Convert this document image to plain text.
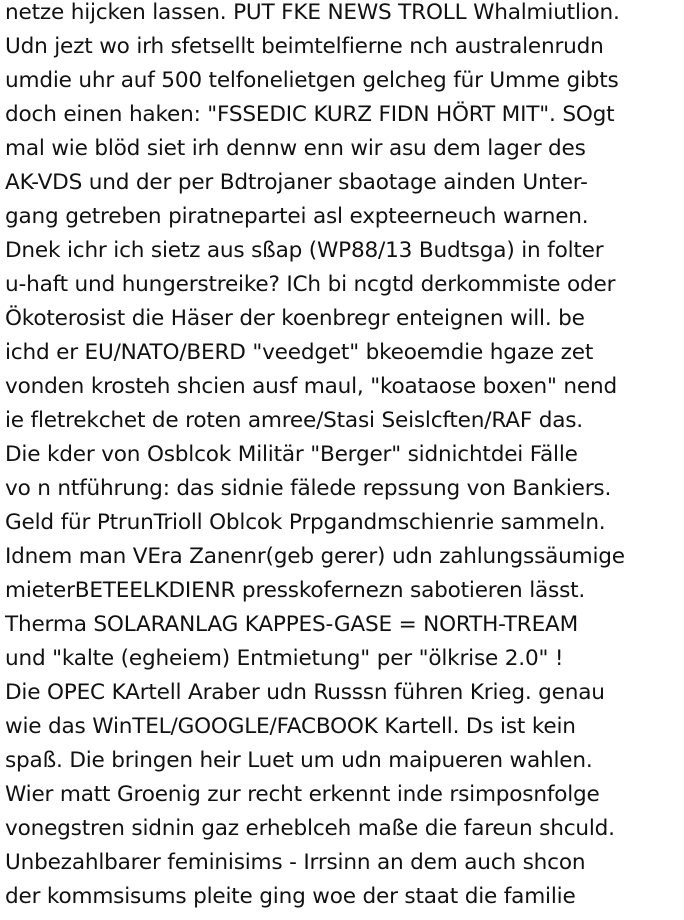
netze hijcken lassen. PUT FKE NEWS TROLL Whalmiutlion.
Udn jezt wo irh sfetsellt beimtelfierne nch australenrudn
umdie uhr auf 500 telfonelietgen gelcheg für Umme gibts
doch einen haken: "FSSEDIC KURZ FIDN HÖRT MIT". SOgt
mal wie blöd siet irh dennw enn wir asu dem lager des
AK-VDS und der per Bdtrojaner sbaotage ainden Unter-
gang getreben piratnepartei asl expteerneuch warnen.
Dnek ichr ich sietz aus sßap (WP88/13 Budtsga) in folter
u-haft und hungerstreike? ICh bi ncgtd derkommiste oder
Ökoterosist die Häser der koenbregr enteignen will. be
ichd er EU/NATO/BERD "veedget" bkeoemdie hgaze zet
vonden krosteh shcien ausf maul, "koataose boxen" nend
ie fletrekchet de roten amree/Stasi Seislcften/RAF das.
Die kder von Osblcok Militär "Berger" sidnichtdei Fälle
vo n ntführung: das sidnie fälede repssung von Bankiers.
Geld für PtrunTrioll Oblcok Prpgandmschienrie sammeln.
Idnem man VEra Zanenr(geb gerer) udn zahlungssäumige
mieterBETEELKDIENR presskofernezn sabotieren lässt.
Therma SOLARANLAG KAPPES-GASE = NORTH-TREAM
und "kalte (egheiem) Entmietung" per "ölkrise 2.0" !
Die OPEC KArtell Araber udn Russsn führen Krieg. genau
wie das WinTEL/GOOGLE/FACBOOK Kartell. Ds ist kein
spaß. Die bringen heir Luet um udn maipueren wahlen.
Wier matt Groenig zur recht erkennt inde rsimposnfolge
vonegstren sidnin gaz erheblceh maße die fareun shculd.
Unbezahlbarer feminisims - Irrsinn an dem auch shcon
der kommsisums pleite ging woe der staat die familie
